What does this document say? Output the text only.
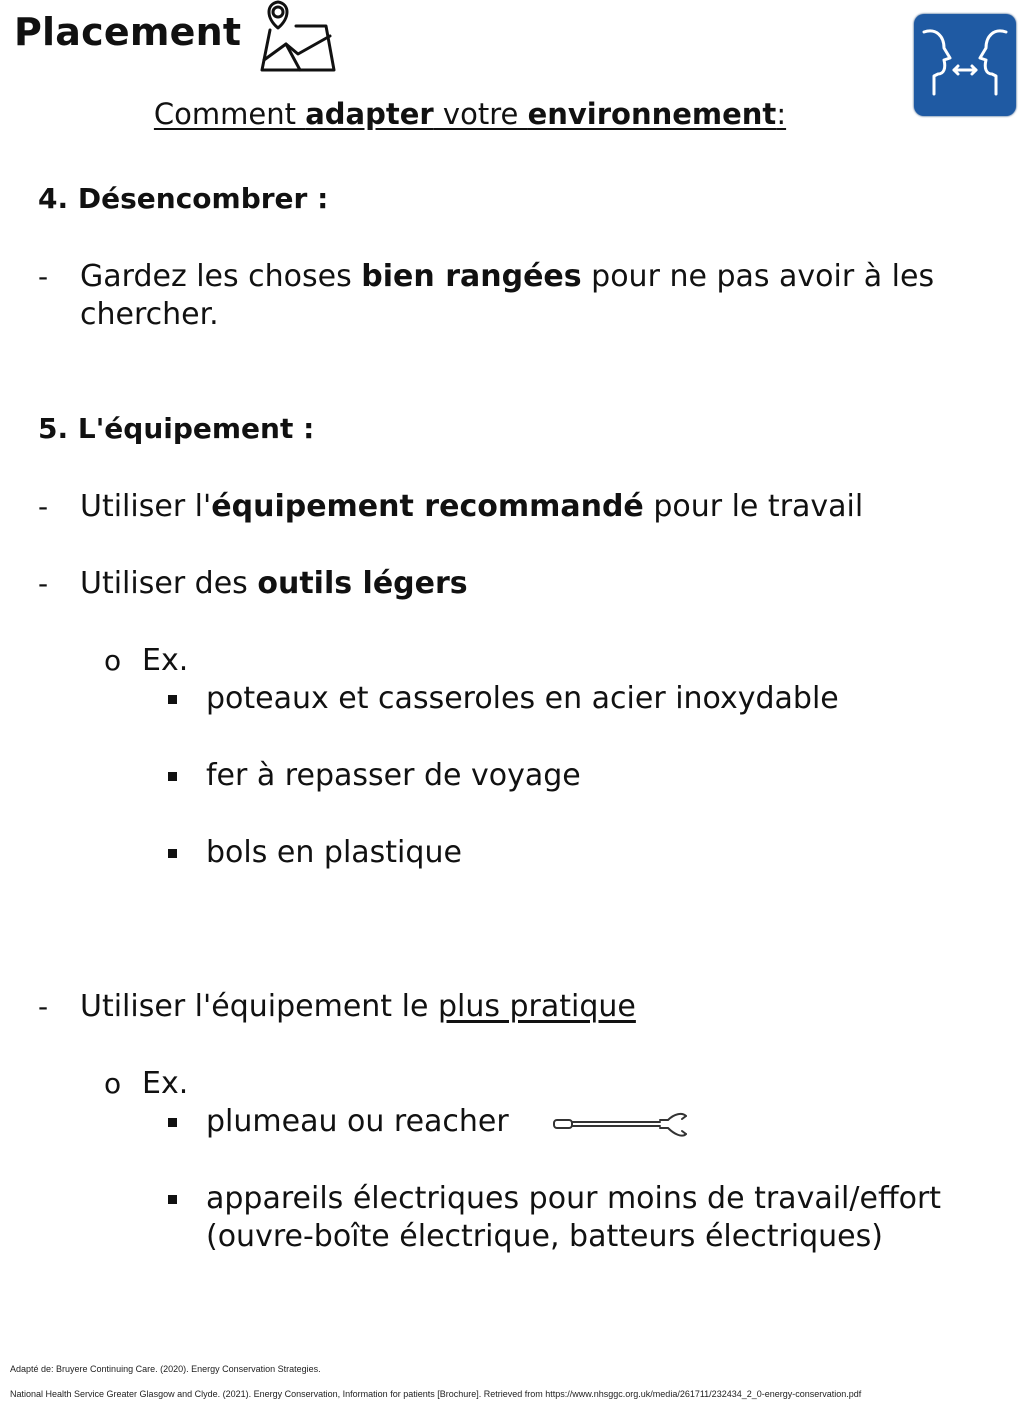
Placement
Comment adapter votre environnement:
4. Désencombrer :
- Gardez les choses bien rangées pour ne pas avoir à les
chercher.
5. L'équipement :
- Utiliser l'équipement recommandé pour le travail
- Utiliser des outils légers
o Ex.
poteaux et casseroles en acier inoxydable
fer à repasser de voyage
bols en plastique
- Utiliser l'équipement le plus pratique
o Ex.
plumeau ou reacher
appareils électriques pour moins de travail/effort
(ouvre-boîte électrique, batteurs électriques)
Adapté de: Bruyere Continuing Care. (2020). Energy Conservation Strategies.
National Health Service Greater Glasgow and Clyde. (2021). Energy Conservation, Information for patients [Brochure]. Retrieved from https://www.nhsggc.org.uk/media/261711/232434_2_0-energy-conservation.pdf
